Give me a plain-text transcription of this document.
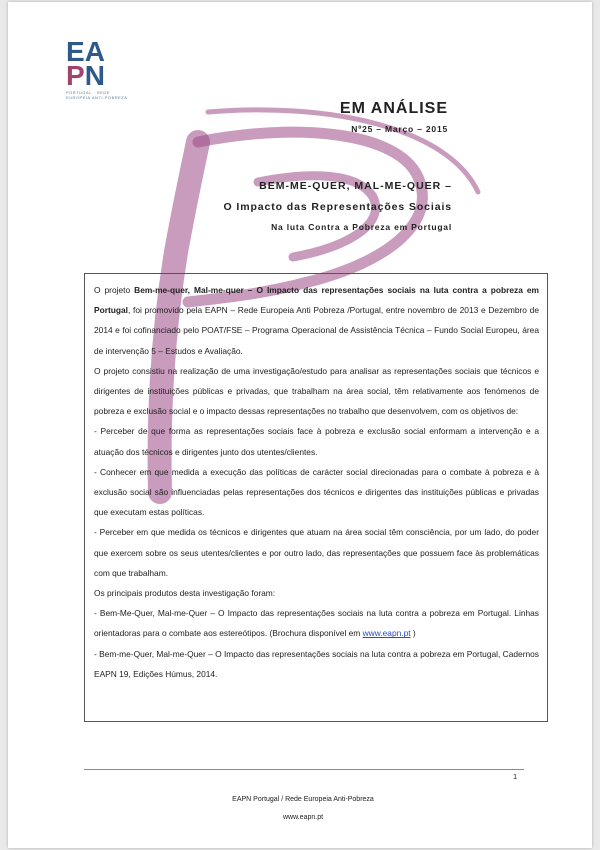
E A
P N
PORTUGAL · REDE EUROPEIA ANTI-POBREZA
EM ANÁLISE
Nº25 – Março – 2015
BEM-ME-QUER, MAL-ME-QUER –
O Impacto das Representações Sociais
Na luta Contra a Pobreza em Portugal

O projeto Bem-me-quer, Mal-me-quer – O Impacto das representações sociais na luta contra a pobreza em Portugal, foi promovido pela EAPN – Rede Europeia Anti Pobreza /Portugal, entre novembro de 2013 e Dezembro de 2014 e foi cofinanciado pelo POAT/FSE – Programa Operacional de Assistência Técnica – Fundo Social Europeu, área de intervenção 5 – Estudos e Avaliação.

O projeto consistiu na realização de uma investigação/estudo para analisar as representações sociais que técnicos e dirigentes de instituições públicas e privadas, que trabalham na área social, têm relativamente aos fenómenos de pobreza e exclusão social e o impacto dessas representações no trabalho que desenvolvem, com os objetivos de:

- Perceber de que forma as representações sociais face à pobreza e exclusão social enformam a intervenção e a atuação dos técnicos e dirigentes junto dos utentes/clientes.

- Conhecer em que medida a execução das políticas de carácter social direcionadas para o combate à pobreza e à exclusão social são influenciadas pelas representações dos técnicos e dirigentes das instituições públicas e privadas que executam estas políticas.

- Perceber em que medida os técnicos e dirigentes que atuam na área social têm consciência, por um lado, do poder que exercem sobre os seus utentes/clientes e por outro lado, das representações que possuem face às problemáticas com que trabalham.

Os principais produtos desta investigação foram:

- Bem-Me-Quer, Mal-me-Quer – O Impacto das representações sociais na luta contra a pobreza em Portugal. Linhas orientadoras para o combate aos estereótipos. (Brochura disponível em www.eapn.pt )

- Bem-me-Quer, Mal-me-Quer – O Impacto das representações sociais na luta contra a pobreza em Portugal, Cadernos EAPN 19, Edições Húmus, 2014.

1
EAPN Portugal / Rede Europeia Anti-Pobreza
www.eapn.pt
